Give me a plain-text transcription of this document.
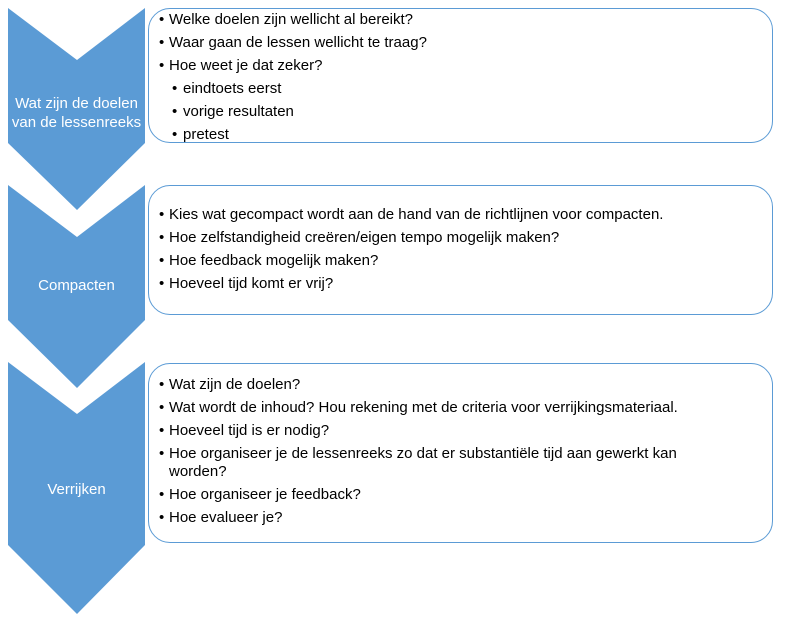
Wat zijn de doelen van de lessenreeks
Compacten
Verrijken
• Welke doelen zijn wellicht al bereikt?
• Waar gaan de lessen wellicht te traag?
• Hoe weet je dat zeker?
• eindtoets eerst
• vorige resultaten
• pretest
• Kies wat gecompact wordt aan de hand van de richtlijnen voor compacten.
• Hoe zelfstandigheid creëren/eigen tempo mogelijk maken?
• Hoe feedback mogelijk maken?
• Hoeveel tijd komt er vrij?
• Wat zijn de doelen?
• Wat wordt de inhoud? Hou rekening met de criteria voor verrijkingsmateriaal.
• Hoeveel tijd is er nodig?
• Hoe organiseer je de lessenreeks zo dat er substantiële tijd aan gewerkt kan worden?
• Hoe organiseer je feedback?
• Hoe evalueer je?
